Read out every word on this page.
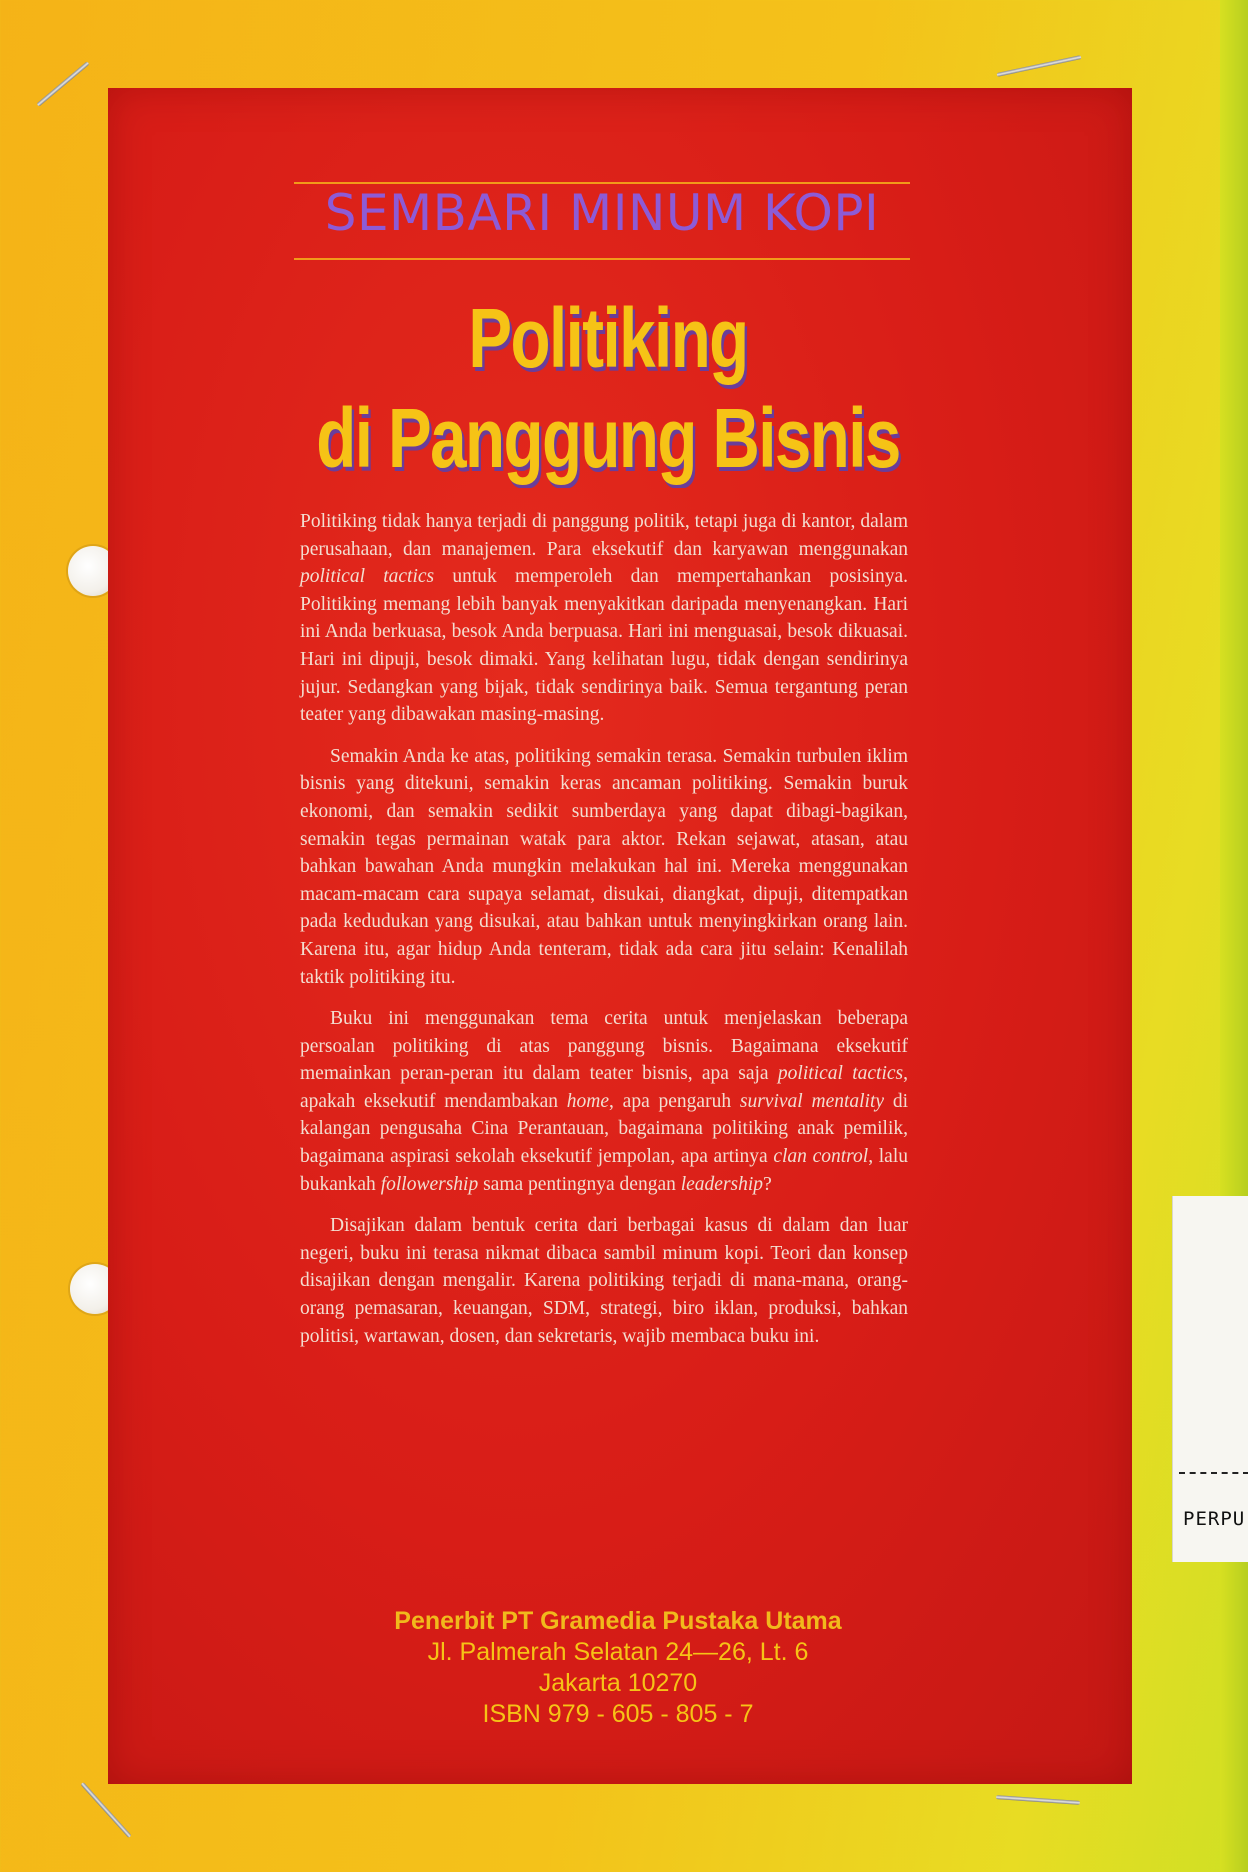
SEMBARI MINUM KOPI
Politiking
di Panggung Bisnis

Politiking tidak hanya terjadi di panggung politik, tetapi juga di kantor, dalam perusahaan, dan manajemen. Para eksekutif dan karyawan menggunakan political tactics untuk memperoleh dan mempertahankan posisinya. Politiking memang lebih banyak menyakitkan daripada menyenangkan. Hari ini Anda berkuasa, besok Anda berpuasa. Hari ini menguasai, besok dikuasai. Hari ini dipuji, besok dimaki. Yang kelihatan lugu, tidak dengan sendirinya jujur. Sedangkan yang bijak, tidak sendirinya baik. Semua tergantung peran teater yang dibawakan masing-masing.

Semakin Anda ke atas, politiking semakin terasa. Semakin turbulen iklim bisnis yang ditekuni, semakin keras ancaman politiking. Semakin buruk ekonomi, dan semakin sedikit sumberdaya yang dapat dibagi-bagikan, semakin tegas permainan watak para aktor. Rekan sejawat, atasan, atau bahkan bawahan Anda mungkin melakukan hal ini. Mereka menggunakan macam-macam cara supaya selamat, disukai, diangkat, dipuji, ditempatkan pada kedudukan yang disukai, atau bahkan untuk menyingkirkan orang lain. Karena itu, agar hidup Anda tenteram, tidak ada cara jitu selain: Kenalilah taktik politiking itu.

Buku ini menggunakan tema cerita untuk menjelaskan beberapa persoalan politiking di atas panggung bisnis. Bagaimana eksekutif memainkan peran-peran itu dalam teater bisnis, apa saja political tactics, apakah eksekutif mendambakan home, apa pengaruh survival mentality di kalangan pengusaha Cina Perantauan, bagaimana politiking anak pemilik, bagaimana aspirasi sekolah eksekutif jempolan, apa artinya clan control, lalu bukankah followership sama pentingnya dengan leadership?

Disajikan dalam bentuk cerita dari berbagai kasus di dalam dan luar negeri, buku ini terasa nikmat dibaca sambil minum kopi. Teori dan konsep disajikan dengan mengalir. Karena politiking terjadi di mana-mana, orang-orang pemasaran, keuangan, SDM, strategi, biro iklan, produksi, bahkan politisi, wartawan, dosen, dan sekretaris, wajib membaca buku ini.

Penerbit PT Gramedia Pustaka Utama
Jl. Palmerah Selatan 24—26, Lt. 6
Jakarta 10270
ISBN 979 - 605 - 805 - 7
PERPU
